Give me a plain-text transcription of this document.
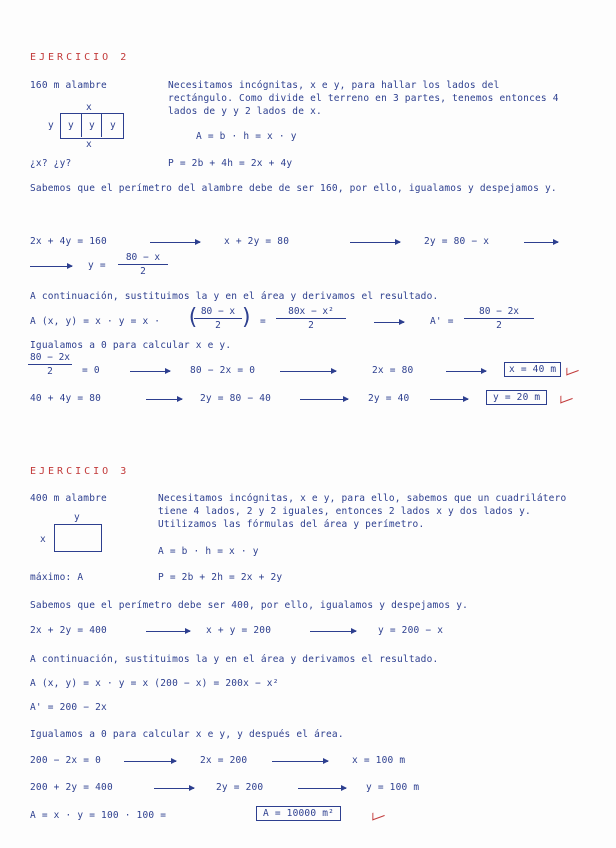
EJERCICIO 2
160 m alambre	Necesitamos incógnitas, x e y, para hallar los lados del rectángulo. Como divide el terreno en 3 partes, tenemos entonces 4 lados de y y 2 lados de x.
x
y y y y
x
A = b · h = x · y
¿x? ¿y?	P = 2b + 4h = 2x + 4y
Sabemos que el perímetro del alambre debe de ser 160, por ello, igualamos y despejamos y.
2x + 4y = 160	x + 2y = 80	2y = 80 − x
y =
80 − x
2
A continuación, sustituimos la y en el área y derivamos el resultado.
A (x, y) = x · y = x · ( 80 − x
2 ) =
80x − x²
2	A' =
80 − 2x
2
Igualamos a 0 para calcular x e y.
80 − 2x
2	= 0	80 − 2x = 0	2x = 80	x = 40 m
40 + 4y = 80	2y = 80 − 40	2y = 40	y = 20 m
EJERCICIO 3
400 m alambre	Necesitamos incógnitas, x e y, para ello, sabemos que un cuadrilátero tiene 4 lados, 2 y 2 iguales, entonces 2 lados x y dos lados y. Utilizamos las fórmulas del área y perímetro.
y
x
A = b · h = x · y
máximo: A	P = 2b + 2h = 2x + 2y
Sabemos que el perímetro debe ser 400, por ello, igualamos y despejamos y.
2x + 2y = 400	x + y = 200	y = 200 − x
A continuación, sustituimos la y en el área y derivamos el resultado.
A (x, y) = x · y = x (200 − x) = 200x − x²
A' = 200 − 2x
Igualamos a 0 para calcular x e y, y después el área.
200 − 2x = 0	2x = 200	x = 100 m
200 + 2y = 400	2y = 200	y = 100 m
A = x · y = 100 · 100 =	A = 10000 m²
